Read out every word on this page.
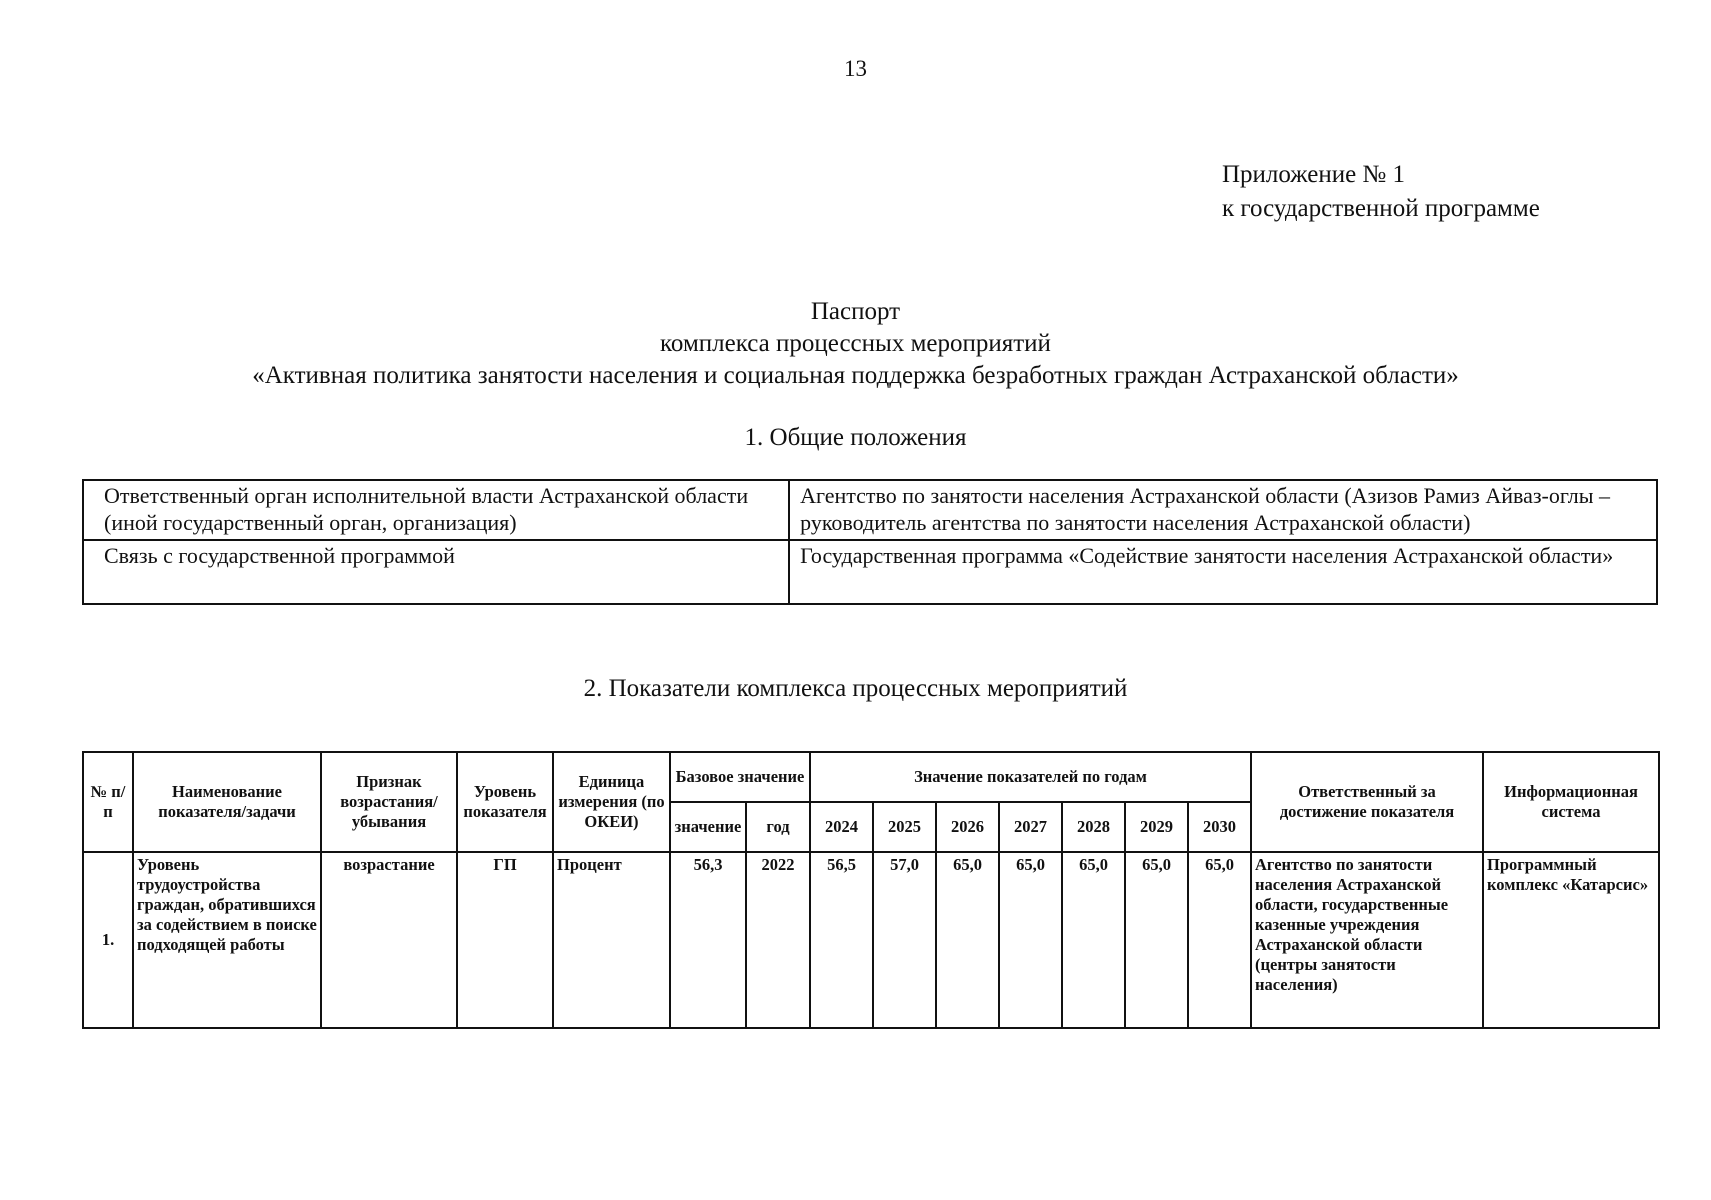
13
Приложение № 1
к государственной программе
Паспорт
комплекса процессных мероприятий
«Активная политика занятости населения и социальная поддержка безработных граждан Астраханской области»
1. Общие положения
Ответственный орган исполнительной власти Астраханской области (иной государственный орган, организация)	Агентство по занятости населения Астраханской области (Азизов Рамиз Айваз-оглы – руководитель агентства по занятости населения Астраханской области)
Связь с государственной программой	Государственная программа «Содействие занятости населения Астраханской области»
2. Показатели комплекса процессных мероприятий
№ п/п	Наименование показателя/задачи	Признак возрастания/ убывания	Уровень показателя	Единица измерения (по ОКЕИ)	Базовое значение		Значение показателей по годам							Ответственный за достижение показателя	Информационная система
					значение	год	2024	2025	2026	2027	2028	2029	2030		
1.	Уровень трудоустройства граждан, обратившихся за содействием в поиске подходящей работы	возрастание	ГП	Процент	56,3	2022	56,5	57,0	65,0	65,0	65,0	65,0	65,0	Агентство по занятости населения Астраханской области, государственные казенные учреждения Астраханской области (центры занятости населения)	Программный комплекс «Катарсис»
